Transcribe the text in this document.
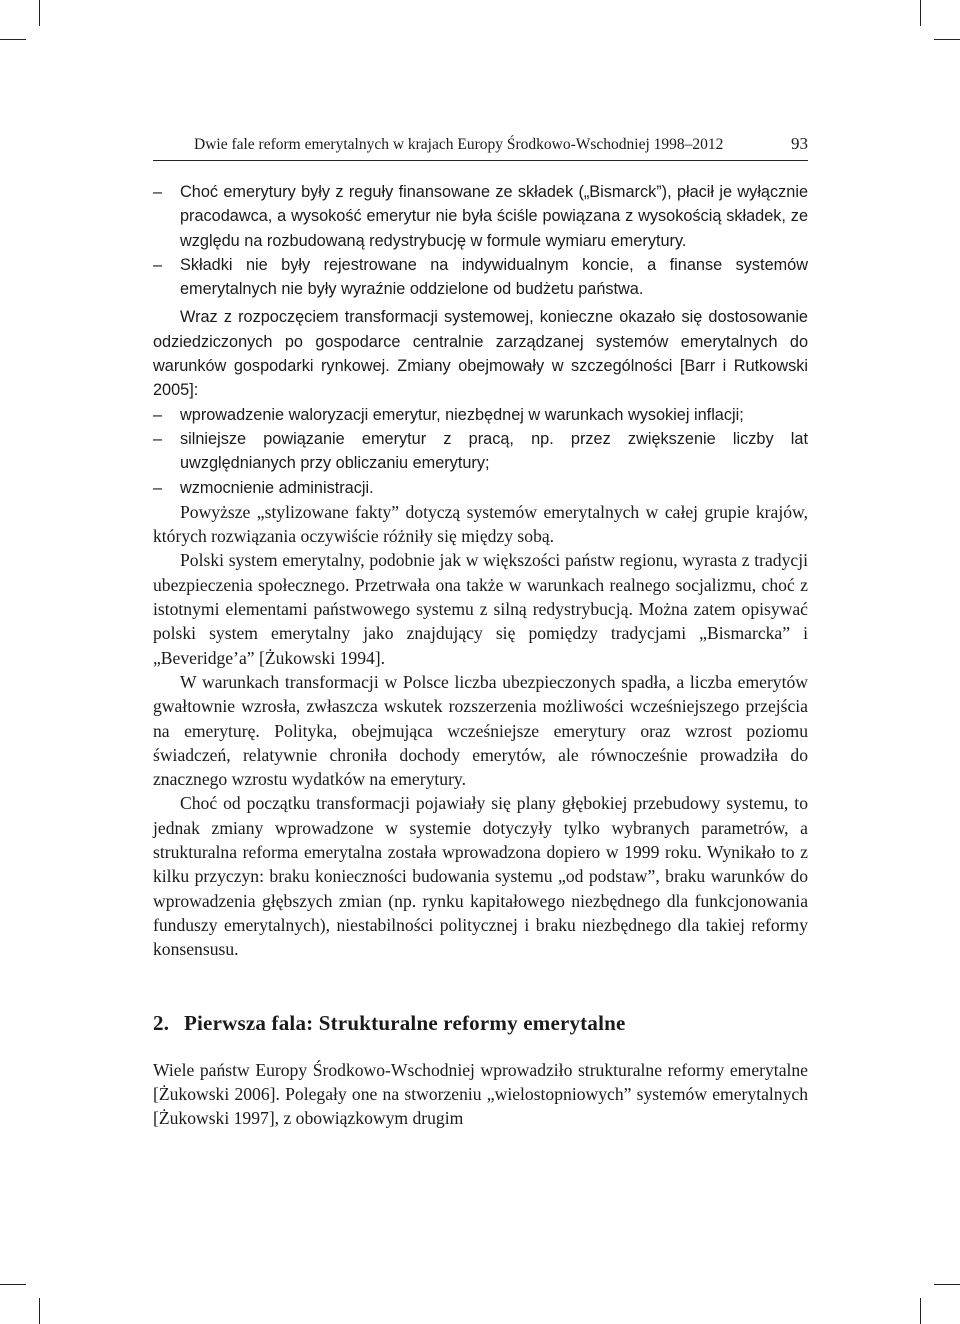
Dwie fale reform emerytalnych w krajach Europy Środkowo-Wschodniej 1998–2012	93
– Choć emerytury były z reguły finansowane ze składek („Bismarck”), płacił je wyłącznie pracodawca, a wysokość emerytur nie była ściśle powiązana z wysokością składek, ze względu na rozbudowaną redystrybucję w formule wymiaru emerytury.
– Składki nie były rejestrowane na indywidualnym koncie, a finanse systemów emerytalnych nie były wyraźnie oddzielone od budżetu państwa.

Wraz z rozpoczęciem transformacji systemowej, konieczne okazało się dostosowanie odziedziczonych po gospodarce centralnie zarządzanej systemów emerytalnych do warunków gospodarki rynkowej. Zmiany obejmowały w szczególności [Barr i Rutkowski 2005]:

– wprowadzenie waloryzacji emerytur, niezbędnej w warunkach wysokiej inflacji;
– silniejsze powiązanie emerytur z pracą, np. przez zwiększenie liczby lat uwzględnianych przy obliczaniu emerytury;
– wzmocnienie administracji.

Powyższe „stylizowane fakty” dotyczą systemów emerytalnych w całej grupie krajów, których rozwiązania oczywiście różniły się między sobą.

Polski system emerytalny, podobnie jak w większości państw regionu, wyrasta z tradycji ubezpieczenia społecznego. Przetrwała ona także w warunkach realnego socjalizmu, choć z istotnymi elementami państwowego systemu z silną redystrybucją. Można zatem opisywać polski system emerytalny jako znajdujący się pomiędzy tradycjami „Bismarcka” i „Beveridge’a” [Żukowski 1994].

W warunkach transformacji w Polsce liczba ubezpieczonych spadła, a liczba emerytów gwałtownie wzrosła, zwłaszcza wskutek rozszerzenia możliwości wcześniejszego przejścia na emeryturę. Polityka, obejmująca wcześniejsze emerytury oraz wzrost poziomu świadczeń, relatywnie chroniła dochody emerytów, ale równocześnie prowadziła do znacznego wzrostu wydatków na emerytury.

Choć od początku transformacji pojawiały się plany głębokiej przebudowy systemu, to jednak zmiany wprowadzone w systemie dotyczyły tylko wybranych parametrów, a strukturalna reforma emerytalna została wprowadzona dopiero w 1999 roku. Wynikało to z kilku przyczyn: braku konieczności budowania systemu „od podstaw”, braku warunków do wprowadzenia głębszych zmian (np. rynku kapitałowego niezbędnego dla funkcjonowania funduszy emerytalnych), niestabilności politycznej i braku niezbędnego dla takiej reformy konsensusu.

2. Pierwsza fala: Strukturalne reformy emerytalne

Wiele państw Europy Środkowo-Wschodniej wprowadziło strukturalne reformy emerytalne [Żukowski 2006]. Polegały one na stworzeniu „wielostopniowych” systemów emerytalnych [Żukowski 1997], z obowiązkowym drugim
